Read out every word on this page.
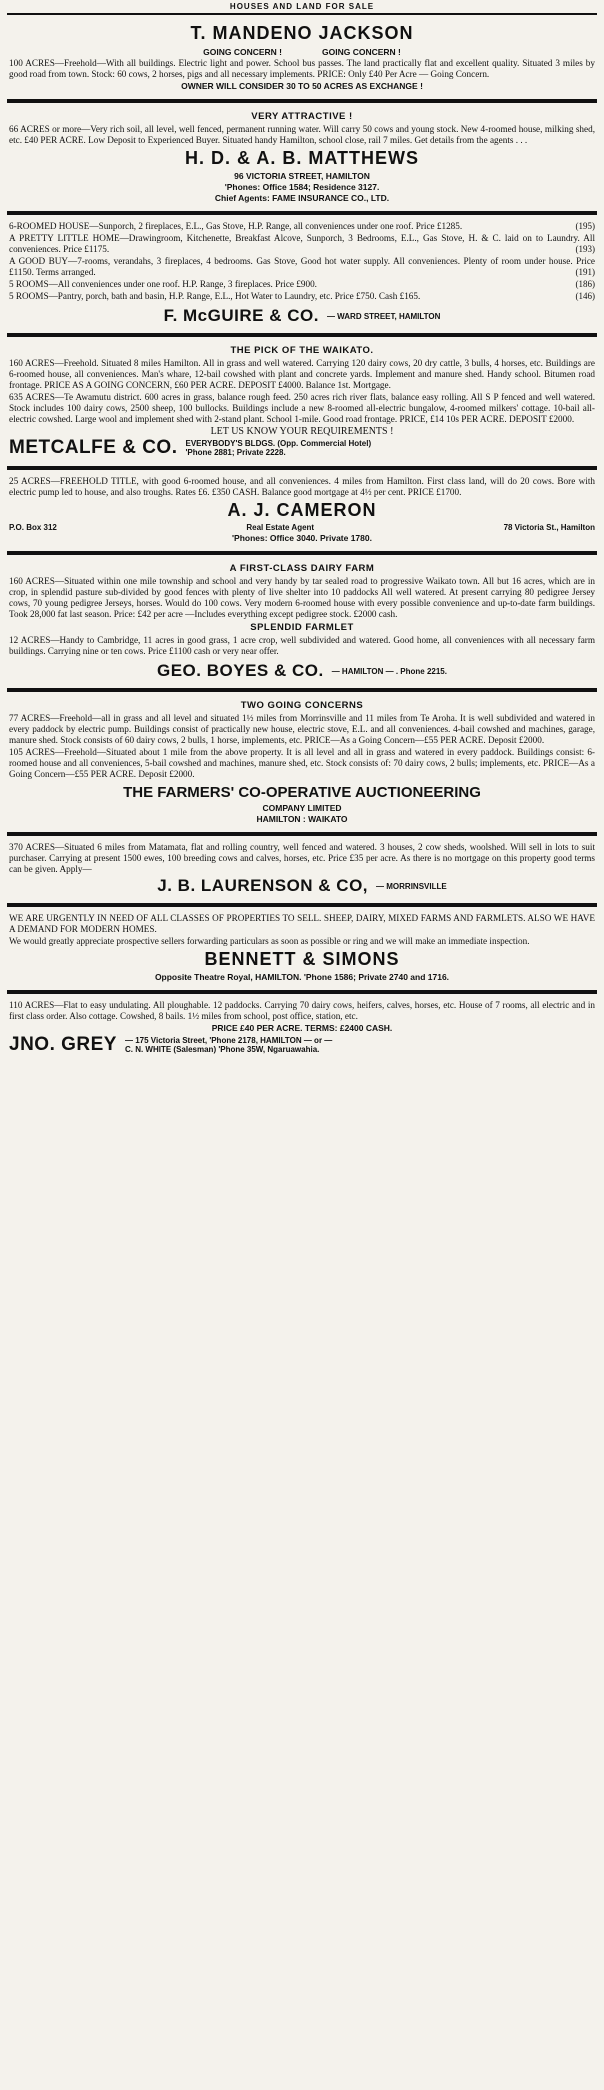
HOUSES AND LAND FOR SALE
T. MANDENO JACKSON
GOING CONCERN !	GOING CONCERN !
100 ACRES—Freehold—With all buildings. Electric light and power. School bus passes. The land practically flat and excellent quality. Situated 3 miles by good road from town. Stock: 60 cows, 2 horses, pigs and all necessary implements. PRICE: Only £40 Per Acre — Going Concern.
OWNER WILL CONSIDER 30 TO 50 ACRES AS EXCHANGE !
VERY ATTRACTIVE !
66 ACRES or more—Very rich soil, all level, well fenced, permanent running water. Will carry 50 cows and young stock. New 4-roomed house, milking shed, etc. £40 PER ACRE. Low Deposit to Experienced Buyer. Situated handy Hamilton, school close, rail 7 miles. Get details from the agents . . .
H. D. & A. B. MATTHEWS
96 VICTORIA STREET, HAMILTON
'Phones: Office 1584; Residence 3127.
Chief Agents: FAME INSURANCE CO., LTD.
6-ROOMED HOUSE—Sunporch, 2 fireplaces, E.L., Gas Stove, H.P. Range, all conveniences under one roof. Price £1285.	(195)
A PRETTY LITTLE HOME—Drawingroom, Kitchenette, Breakfast Alcove, Sunporch, 3 Bedrooms, E.L., Gas Stove, H. & C. laid on to Laundry. All conveniences. Price £1175.	(193)
A GOOD BUY—7-rooms, verandahs, 3 fireplaces, 4 bedrooms. Gas Stove, Good hot water supply. All conveniences. Plenty of room under house. Price £1150. Terms arranged.	(191)
5 ROOMS—All conveniences under one roof. H.P. Range, 3 fireplaces. Price £900.	(186)
5 ROOMS—Pantry, porch, bath and basin, H.P. Range, E.L., Hot Water to Laundry, etc. Price £750. Cash £165.	(146)
F. McGUIRE & CO. — WARD STREET, HAMILTON
THE PICK OF THE WAIKATO.
160 ACRES—Freehold. Situated 8 miles Hamilton. All in grass and well watered. Carrying 120 dairy cows, 20 dry cattle, 3 bulls, 4 horses, etc. Buildings are 6-roomed house, all conveniences. Man's whare, 12-bail cowshed with plant and concrete yards. Implement and manure shed. Handy school. Bitumen road frontage. PRICE AS A GOING CONCERN, £60 PER ACRE. DEPOSIT £4000. Balance 1st. Mortgage.
635 ACRES—Te Awamutu district. 600 acres in grass, balance rough feed. 250 acres rich river flats, balance easy rolling. All S P fenced and well watered. Stock includes 100 dairy cows, 2500 sheep, 100 bullocks. Buildings include a new 8-roomed all-electric bungalow, 4-roomed milkers' cottage. 10-bail all-electric cowshed. Large wool and implement shed with 2-stand plant. School 1-mile. Good road frontage. PRICE, £14 10s PER ACRE. DEPOSIT £2000.
LET US KNOW YOUR REQUIREMENTS !
METCALFE & CO. EVERYBODY'S BLDGS. (Opp. Commercial Hotel)
'Phone 2881; Private 2228.
25 ACRES—FREEHOLD TITLE, with good 6-roomed house, and all conveniences. 4 miles from Hamilton. First class land, will do 20 cows. Bore with electric pump led to house, and also troughs. Rates £6. £350 CASH. Balance good mortgage at 4½ per cent. PRICE £1700.
A. J. CAMERON
P.O. Box 312	Real Estate Agent	78 Victoria St., Hamilton
'Phones: Office 3040. Private 1780.
A FIRST-CLASS DAIRY FARM
160 ACRES—Situated within one mile township and school and very handy by tar sealed road to progressive Waikato town. All but 16 acres, which are in crop, in splendid pasture sub-divided by good fences with plenty of live shelter into 10 paddocks All well watered. At present carrying 80 pedigree Jersey cows, 70 young pedigree Jerseys, horses. Would do 100 cows. Very modern 6-roomed house with every possible convenience and up-to-date farm buildings. Took 28,000 fat last season. Price: £42 per acre —Includes everything except pedigree stock. £2000 cash.
SPLENDID FARMLET
12 ACRES—Handy to Cambridge, 11 acres in good grass, 1 acre crop, well subdivided and watered. Good home, all conveniences with all necessary farm buildings. Carrying nine or ten cows. Price £1100 cash or very near offer.
GEO. BOYES & CO. — HAMILTON — . Phone 2215.
TWO GOING CONCERNS
77 ACRES—Freehold—all in grass and all level and situated 1½ miles from Morrinsville and 11 miles from Te Aroha. It is well subdivided and watered in every paddock by electric pump. Buildings consist of practically new house, electric stove, E.L. and all conveniences. 4-bail cowshed and machines, garage, manure shed. Stock consists of 60 dairy cows, 2 bulls, 1 horse, implements, etc. PRICE—As a Going Concern—£55 PER ACRE. Deposit £2000.
105 ACRES—Freehold—Situated about 1 mile from the above property. It is all level and all in grass and watered in every paddock. Buildings consist: 6-roomed house and all conveniences, 5-bail cowshed and machines, manure shed, etc. Stock consists of: 70 dairy cows, 2 bulls; implements, etc. PRICE—As a Going Concern—£55 PER ACRE. Deposit £2000.
THE FARMERS' CO-OPERATIVE AUCTIONEERING
COMPANY LIMITED
HAMILTON : WAIKATO
370 ACRES—Situated 6 miles from Matamata, flat and rolling country, well fenced and watered. 3 houses, 2 cow sheds, woolshed. Will sell in lots to suit purchaser. Carrying at present 1500 ewes, 100 breeding cows and calves, horses, etc. Price £35 per acre. As there is no mortgage on this property good terms can be given. Apply—
J. B. LAURENSON & CO, — MORRINSVILLE
WE ARE URGENTLY IN NEED OF ALL CLASSES OF PROPERTIES TO SELL. SHEEP, DAIRY, MIXED FARMS AND FARMLETS. ALSO WE HAVE A DEMAND FOR MODERN HOMES.
We would greatly appreciate prospective sellers forwarding particulars as soon as possible or ring and we will make an immediate inspection.
BENNETT & SIMONS
Opposite Theatre Royal, HAMILTON. 'Phone 1586; Private 2740 and 1716.
110 ACRES—Flat to easy undulating. All ploughable. 12 paddocks. Carrying 70 dairy cows, heifers, calves, horses, etc. House of 7 rooms, all electric and in first class order. Also cottage. Cowshed, 8 bails. 1½ miles from school, post office, station, etc.
PRICE £40 PER ACRE. TERMS: £2400 CASH.
JNO. GREY — 175 Victoria Street, 'Phone 2178, HAMILTON — or —
C. N. WHITE (Salesman) 'Phone 35W, Ngaruawahia.
